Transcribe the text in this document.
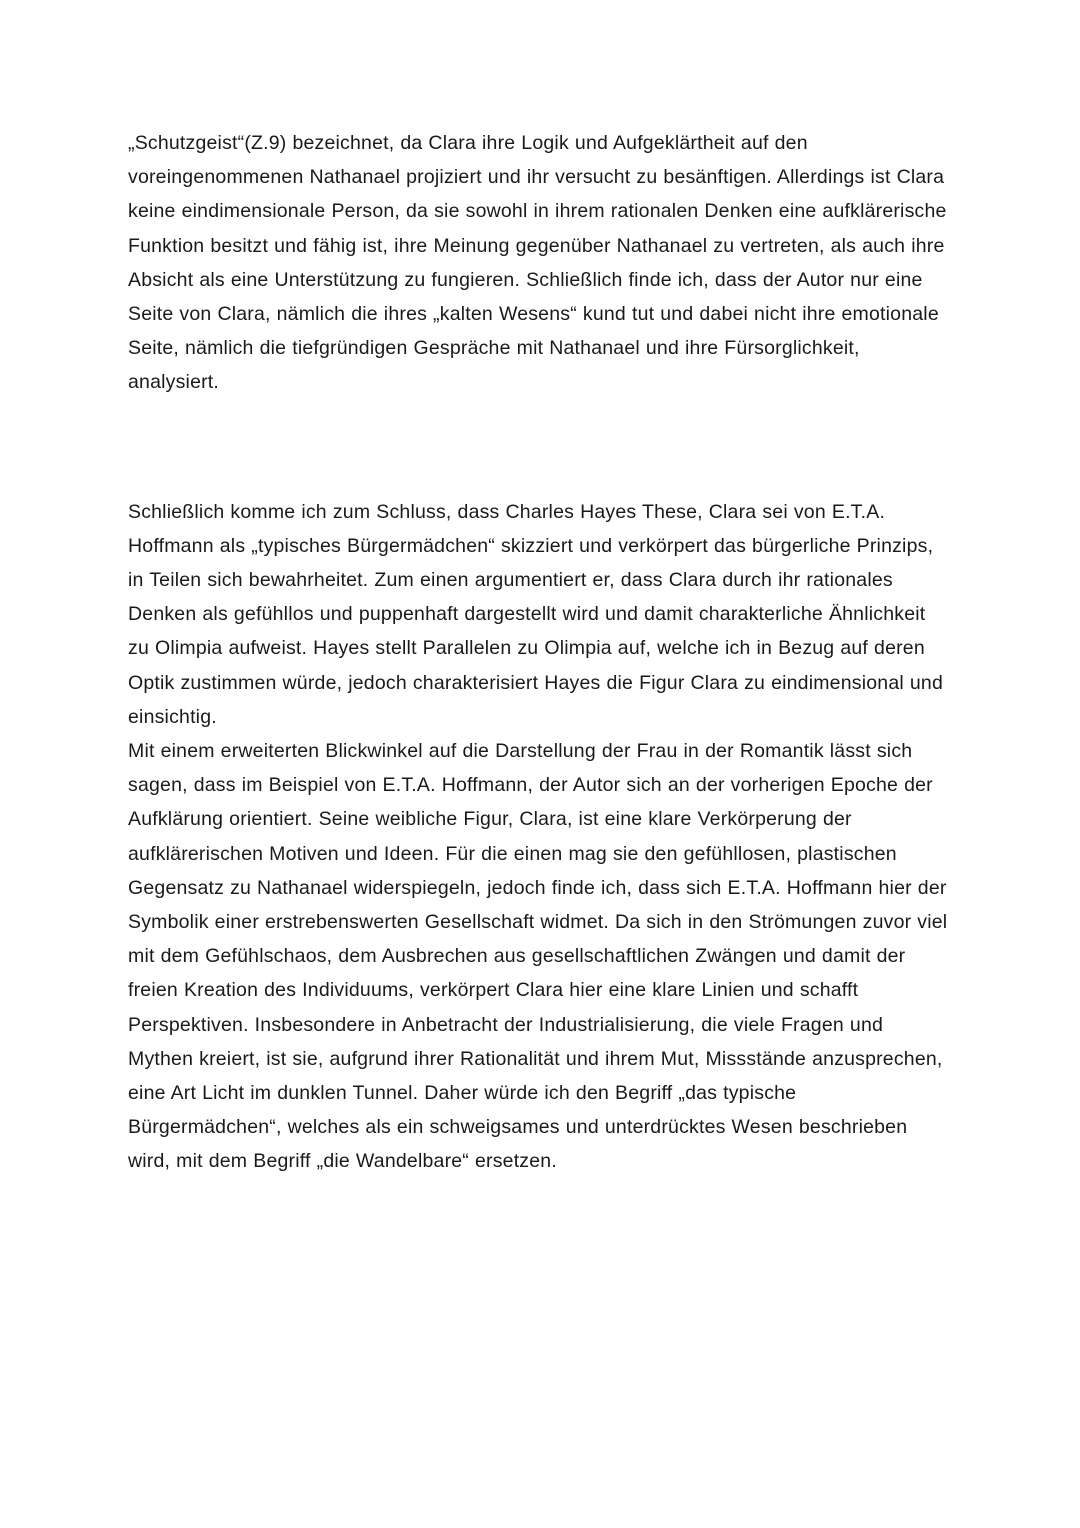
„Schutzgeist“(Z.9) bezeichnet, da Clara ihre Logik und Aufgeklärtheit auf den voreingenommenen Nathanael projiziert und ihr versucht zu besänftigen. Allerdings ist Clara keine eindimensionale Person, da sie sowohl in ihrem rationalen Denken eine aufklärerische Funktion besitzt und fähig ist, ihre Meinung gegenüber Nathanael zu vertreten, als auch ihre Absicht als eine Unterstützung zu fungieren. Schließlich finde ich, dass der Autor nur eine Seite von Clara, nämlich die ihres „kalten Wesens“ kund tut und dabei nicht ihre emotionale Seite, nämlich die tiefgründigen Gespräche mit Nathanael und ihre Fürsorglichkeit, analysiert.

Schließlich komme ich zum Schluss, dass Charles Hayes These, Clara sei von E.T.A. Hoffmann als „typisches Bürgermädchen“ skizziert und verkörpert das bürgerliche Prinzips, in Teilen sich bewahrheitet. Zum einen argumentiert er, dass Clara durch ihr rationales Denken als gefühllos und puppenhaft dargestellt wird und damit charakterliche Ähnlichkeit zu Olimpia aufweist. Hayes stellt Parallelen zu Olimpia auf, welche ich in Bezug auf deren Optik zustimmen würde, jedoch charakterisiert Hayes die Figur Clara zu eindimensional und einsichtig.

Mit einem erweiterten Blickwinkel auf die Darstellung der Frau in der Romantik lässt sich sagen, dass im Beispiel von E.T.A. Hoffmann, der Autor sich an der vorherigen Epoche der Aufklärung orientiert. Seine weibliche Figur, Clara, ist eine klare Verkörperung der aufklärerischen Motiven und Ideen. Für die einen mag sie den gefühllosen, plastischen Gegensatz zu Nathanael widerspiegeln, jedoch finde ich, dass sich E.T.A. Hoffmann hier der Symbolik einer erstrebenswerten Gesellschaft widmet. Da sich in den Strömungen zuvor viel mit dem Gefühlschaos, dem Ausbrechen aus gesellschaftlichen Zwängen und damit der freien Kreation des Individuums, verkörpert Clara hier eine klare Linien und schafft Perspektiven. Insbesondere in Anbetracht der Industrialisierung, die viele Fragen und Mythen kreiert, ist sie, aufgrund ihrer Rationalität und ihrem Mut, Missstände anzusprechen, eine Art Licht im dunklen Tunnel. Daher würde ich den Begriff „das typische Bürgermädchen“, welches als ein schweigsames und unterdrücktes Wesen beschrieben wird, mit dem Begriff „die Wandelbare“ ersetzen.
